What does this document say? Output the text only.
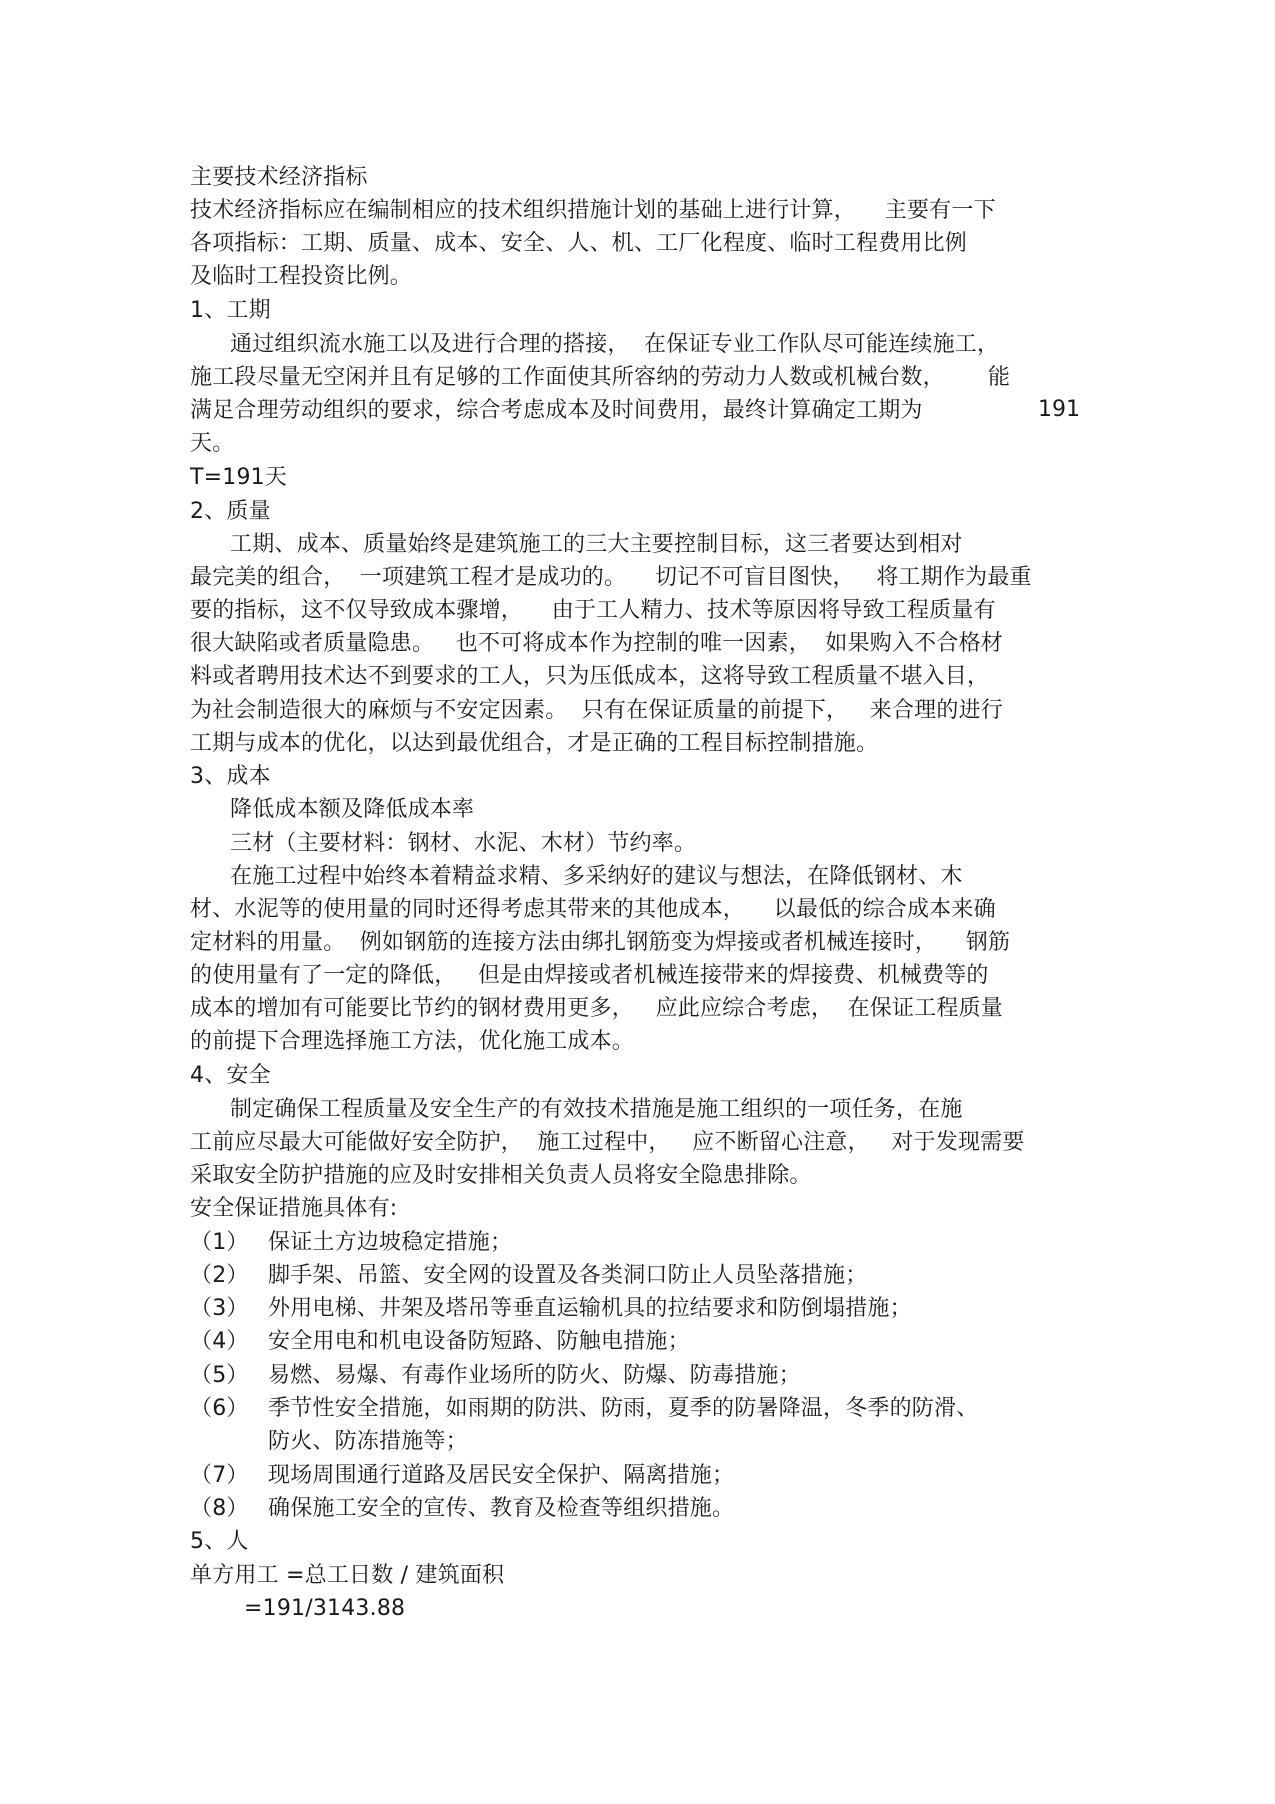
主要技术经济指标
技术经济指标应在编制相应的技术组织措施计划的基础上进行计算，    主要有一下
各项指标：工期、质量、成本、安全、人、机、工厂化程度、临时工程费用比例
及临时工程投资比例。
1、工期
通过组织流水施工以及进行合理的搭接，  在保证专业工作队尽可能连续施工，
施工段尽量无空闲并且有足够的工作面使其所容纳的劳动力人数或机械台数，      能
满足合理劳动组织的要求，综合考虑成本及时间费用，最终计算确定工期为	191
天。
T=191天
2、质量
工期、成本、质量始终是建筑施工的三大主要控制目标，这三者要达到相对
最完美的组合，  一项建筑工程才是成功的。    切记不可盲目图快，   将工期作为最重
要的指标，这不仅导致成本骤增，    由于工人精力、技术等原因将导致工程质量有
很大缺陷或者质量隐患。   也不可将成本作为控制的唯一因素，  如果购入不合格材
料或者聘用技术达不到要求的工人，只为压低成本，这将导致工程质量不堪入目，
为社会制造很大的麻烦与不安定因素。  只有在保证质量的前提下，   来合理的进行
工期与成本的优化，以达到最优组合，才是正确的工程目标控制措施。
3、成本
降低成本额及降低成本率
三材（主要材料：钢材、水泥、木材）节约率。
在施工过程中始终本着精益求精、多采纳好的建议与想法，在降低钢材、木
材、水泥等的使用量的同时还得考虑其带来的其他成本，    以最低的综合成本来确
定材料的用量。  例如钢筋的连接方法由绑扎钢筋变为焊接或者机械连接时，    钢筋
的使用量有了一定的降低，   但是由焊接或者机械连接带来的焊接费、机械费等的
成本的增加有可能要比节约的钢材费用更多，   应此应综合考虑，  在保证工程质量
的前提下合理选择施工方法，优化施工成本。
4、安全
制定确保工程质量及安全生产的有效技术措施是施工组织的一项任务，在施
工前应尽最大可能做好安全防护，  施工过程中，   应不断留心注意，   对于发现需要
采取安全防护措施的应及时安排相关负责人员将安全隐患排除。
安全保证措施具体有:
（1） 保证土方边坡稳定措施；
（2） 脚手架、吊篮、安全网的设置及各类洞口防止人员坠落措施；
（3） 外用电梯、井架及塔吊等垂直运输机具的拉结要求和防倒塌措施；
（4） 安全用电和机电设备防短路、防触电措施；
（5） 易燃、易爆、有毒作业场所的防火、防爆、防毒措施；
（6） 季节性安全措施，如雨期的防洪、防雨，夏季的防暑降温，冬季的防滑、
防火、防冻措施等；
（7） 现场周围通行道路及居民安全保护、隔离措施；
（8） 确保施工安全的宣传、教育及检查等组织措施。
5、人
单方用工 =总工日数 / 建筑面积
=191/3143.88
